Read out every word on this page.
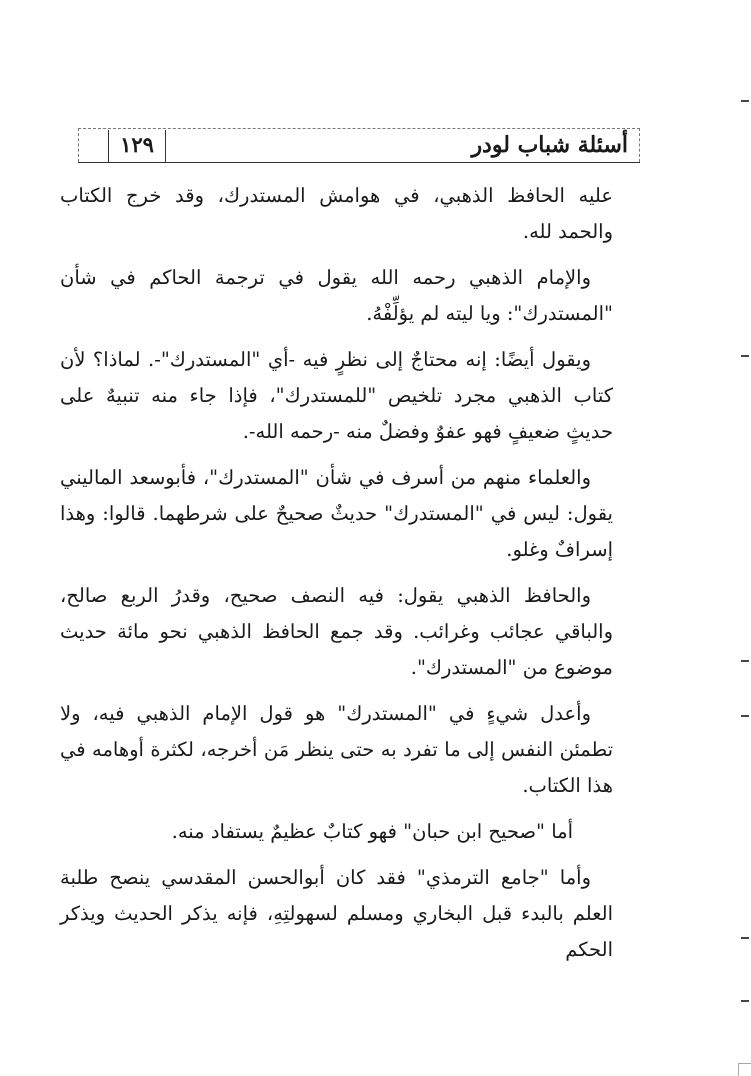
١٢٩	أسئلة شباب لودر

عليه الحافظ الذهبي، في هوامش المستدرك، وقد خرج الكتاب والحمد لله.

والإمام الذهبي رحمه الله يقول في ترجمة الحاكم في شأن "المستدرك": ويا ليته لم يؤلِّفْهُ.

ويقول أيضًا: إنه محتاجٌ إلى نظرٍ فيه -أي "المستدرك"-. لماذا؟ لأن كتاب الذهبي مجرد تلخيص "للمستدرك"، فإذا جاء منه تنبيهٌ على حديثٍ ضعيفٍ فهو عفوٌ وفضلٌ منه -رحمه الله-.

والعلماء منهم من أسرف في شأن "المستدرك"، فأبوسعد الماليني يقول: ليس في "المستدرك" حديثٌ صحيحٌ على شرطهما. قالوا: وهذا إسرافٌ وغلو.

والحافظ الذهبي يقول: فيه النصف صحيح، وقدرُ الربع صالح، والباقي عجائب وغرائب. وقد جمع الحافظ الذهبي نحو مائة حديث موضوع من "المستدرك".

وأعدل شيءٍ في "المستدرك" هو قول الإمام الذهبي فيه، ولا تطمئن النفس إلى ما تفرد به حتى ينظر مَن أخرجه، لكثرة أوهامه في هذا الكتاب.

أما "صحيح ابن حبان" فهو كتابٌ عظيمٌ يستفاد منه.

وأما "جامع الترمذي" فقد كان أبوالحسن المقدسي ينصح طلبة العلم بالبدء قبل البخاري ومسلم لسهولتِهِ، فإنه يذكر الحديث ويذكر الحكم
